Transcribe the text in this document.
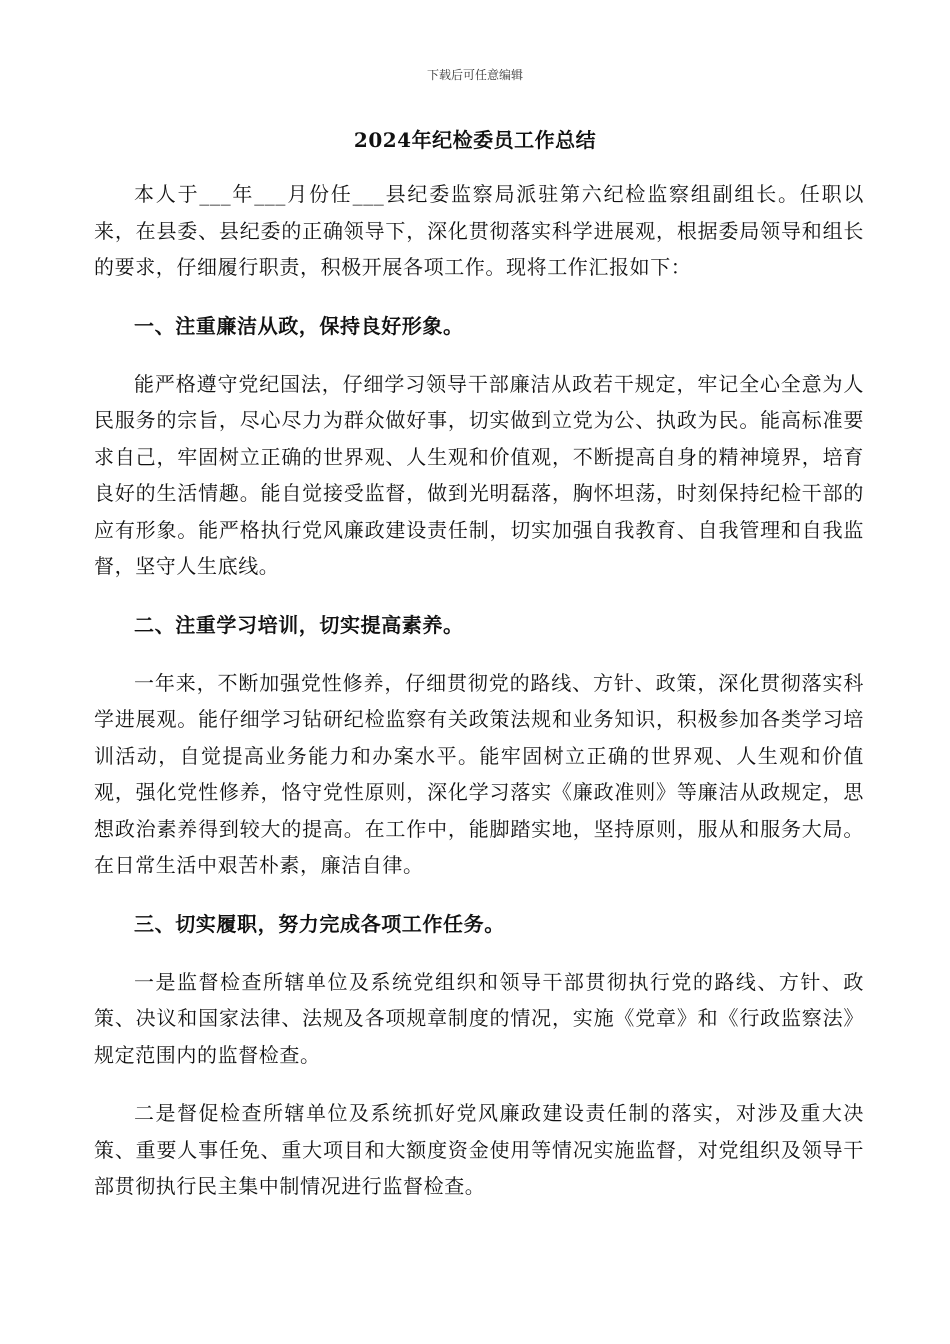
下载后可任意编辑
2024年纪检委员工作总结

本人于___年___月份任___县纪委监察局派驻第六纪检监察组副组长。任职以来，在县委、县纪委的正确领导下，深化贯彻落实科学进展观，根据委局领导和组长的要求，仔细履行职责，积极开展各项工作。现将工作汇报如下：

一、注重廉洁从政，保持良好形象。

能严格遵守党纪国法，仔细学习领导干部廉洁从政若干规定，牢记全心全意为人民服务的宗旨，尽心尽力为群众做好事，切实做到立党为公、执政为民。能高标准要求自己，牢固树立正确的世界观、人生观和价值观，不断提高自身的精神境界，培育良好的生活情趣。能自觉接受监督，做到光明磊落，胸怀坦荡，时刻保持纪检干部的应有形象。能严格执行党风廉政建设责任制，切实加强自我教育、自我管理和自我监督，坚守人生底线。

二、注重学习培训，切实提高素养。

一年来，不断加强党性修养，仔细贯彻党的路线、方针、政策，深化贯彻落实科学进展观。能仔细学习钻研纪检监察有关政策法规和业务知识，积极参加各类学习培训活动，自觉提高业务能力和办案水平。能牢固树立正确的世界观、人生观和价值观，强化党性修养，恪守党性原则，深化学习落实《廉政准则》等廉洁从政规定，思想政治素养得到较大的提高。在工作中，能脚踏实地，坚持原则，服从和服务大局。在日常生活中艰苦朴素，廉洁自律。

三、切实履职，努力完成各项工作任务。

一是监督检查所辖单位及系统党组织和领导干部贯彻执行党的路线、方针、政策、决议和国家法律、法规及各项规章制度的情况，实施《党章》和《行政监察法》规定范围内的监督检查。

二是督促检查所辖单位及系统抓好党风廉政建设责任制的落实，对涉及重大决策、重要人事任免、重大项目和大额度资金使用等情况实施监督，对党组织及领导干部贯彻执行民主集中制情况进行监督检查。
